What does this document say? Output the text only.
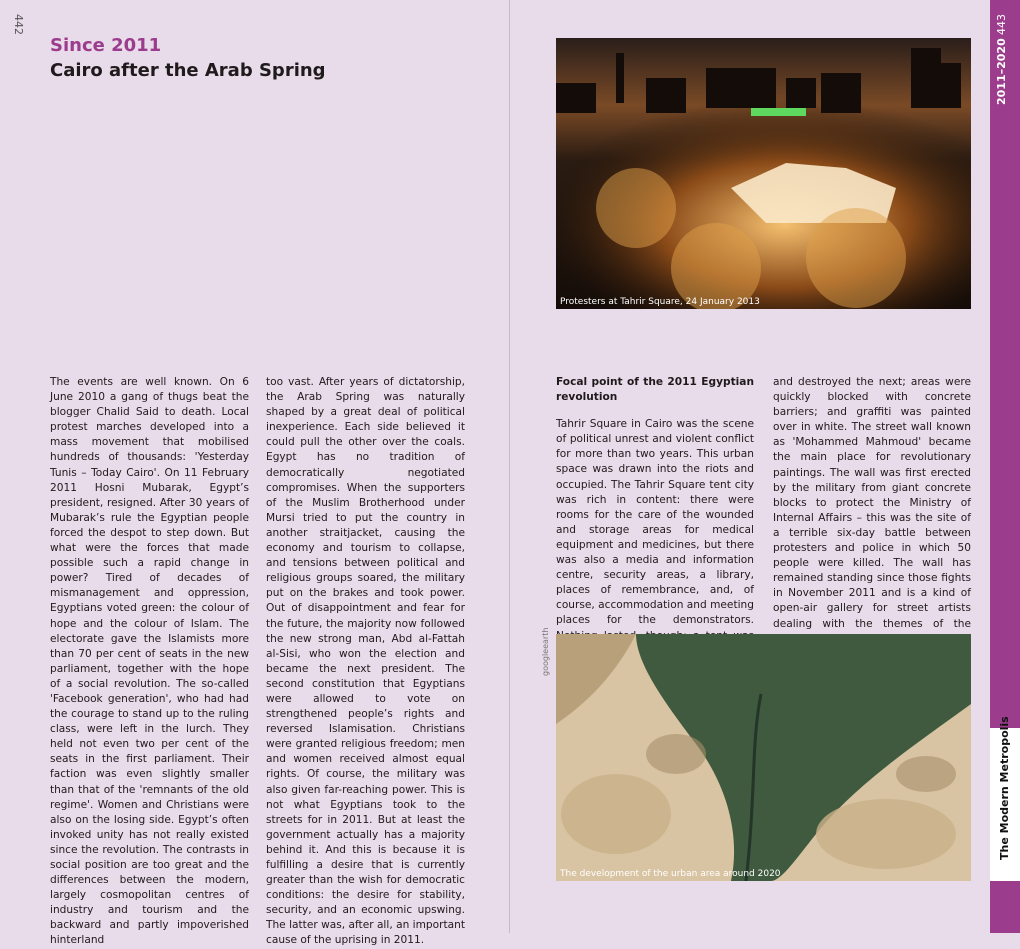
442
Since 2011
Cairo after the Arab Spring

The events are well known. On 6 June 2010 a gang of thugs beat the blogger Chalid Said to death. Local protest marches developed into a mass movement that mobilised hundreds of thousands: 'Yesterday Tunis – Today Cairo'. On 11 February 2011 Hosni Mubarak, Egypt’s president, resigned. After 30 years of Mubarak’s rule the Egyptian people forced the despot to step down. But what were the forces that made possible such a rapid change in power? Tired of decades of mismanagement and oppression, Egyptians voted green: the colour of hope and the colour of Islam. The electorate gave the Islamists more than 70 per cent of seats in the new parliament, together with the hope of a social revolution. The so-called 'Facebook generation', who had had the courage to stand up to the ruling class, were left in the lurch. They held not even two per cent of the seats in the first parliament. Their faction was even slightly smaller than that of the 'remnants of the old regime'. Women and Christians were also on the losing side. Egypt’s often invoked unity has not really existed since the revolution. The contrasts in social position are too great and the differences between the modern, largely cosmopolitan centres of industry and tourism and the backward and partly impoverished hinterland

too vast. After years of dictatorship, the Arab Spring was naturally shaped by a great deal of political inexperience. Each side believed it could pull the other over the coals. Egypt has no tradition of democratically negotiated compromises. When the supporters of the Muslim Brotherhood under Mursi tried to put the country in another straitjacket, causing the economy and tourism to collapse, and tensions between political and religious groups soared, the military put on the brakes and took power. Out of disappointment and fear for the future, the majority now followed the new strong man, Abd al-Fattah al-Sisi, who won the election and became the next president. The second constitution that Egyptians were allowed to vote on strengthened people’s rights and reversed Islamisation. Christians were granted religious freedom; men and women received almost equal rights. Of course, the military was also given far-reaching power. This is not what Egyptians took to the streets for in 2011. But at least the government actually has a majority behind it. And this is because it is fulfilling a desire that is currently greater than the wish for democratic conditions: the desire for stability, security, and an economic upswing. The latter was, after all, an important cause of the uprising in 2011.

Protesters at Tahrir Square, 24 January 2013
Focal point of the 2011 Egyptian revolution

Tahrir Square in Cairo was the scene of political unrest and violent conflict for more than two years. This urban space was drawn into the riots and occupied. The Tahrir Square tent city was rich in content: there were rooms for the care of the wounded and storage areas for medical equipment and medicines, but there was also a media and information centre, security areas, a library, places of remembrance, and, of course, accommodation and meeting places for the demonstrators.

and destroyed the next; areas were quickly blocked with concrete barriers; and graffiti was painted over in white. The street wall known as 'Mohammed Mahmoud' became the main place for revolutionary paintings. The wall was first erected by the military from giant concrete blocks to protect the Ministry of Internal Affairs – this was the site of a terrible six-day battle between protesters and police in which 50 people were killed. The wall has remained standing since those fights in November 2011 and is a kind of open-air gallery for street artists dealing with the themes of the

googleearth
The development of the urban area around 2020
443
2011–2020
The Modern Metropolis
